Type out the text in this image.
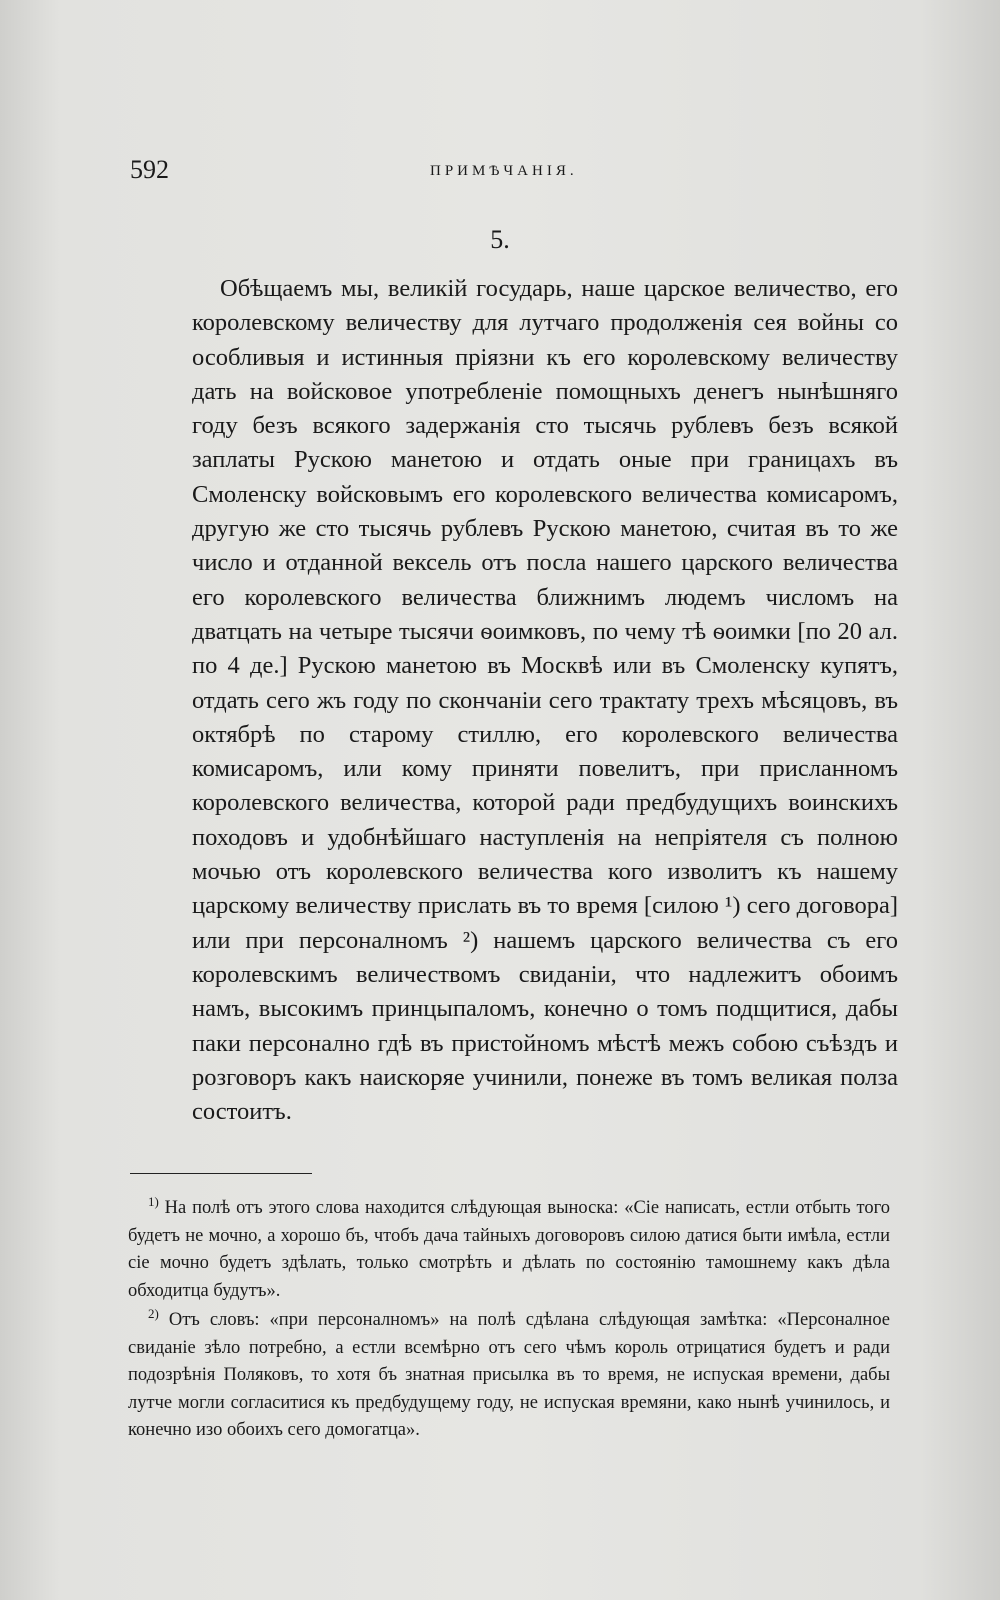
592	ПРИМѢЧАНІЯ.
5.

Обѣщаемъ мы, великій государь, наше царское величество, его королевскому величеству для лутчаго продолженія сея войны со особливыя и истинныя пріязни къ его королевскому величеству дать на войсковое употребленіе помощныхъ денегъ нынѣшняго году безъ всякого задержанія сто тысячь рублевъ безъ всякой заплаты Рускою манетою и отдать оные при границахъ въ Смоленску войсковымъ его королевского величества комисаромъ, другую же сто тысячь рублевъ Рускою манетою, считая въ то же число и отданной вексель отъ посла нашего царского величества его королевского величества ближнимъ людемъ числомъ на дватцать на четыре тысячи ѳоимковъ, по чему тѣ ѳоимки [по 20 ал. по 4 де.] Рускою манетою въ Москвѣ или въ Смоленску купятъ, отдать сего жъ году по скончаніи сего трактату трехъ мѣсяцовъ, въ октябрѣ по старому стиллю, его королевского величества комисаромъ, или кому приняти повелитъ, при присланномъ королевского величества, которой ради предбудущихъ воинскихъ походовъ и удобнѣйшаго наступленія на непріятеля съ полною мочью отъ королевского величества кого изволитъ къ нашему царскому величеству прислать въ то время [силою ¹) сего договора] или при персоналномъ ²) нашемъ царского величества съ его королевскимъ величествомъ свиданіи, что надлежитъ обоимъ намъ, высокимъ принцыпаломъ, конечно о томъ подщитися, дабы паки персонално гдѣ въ пристойномъ мѣстѣ межъ собою съѣздъ и розговоръ какъ наискоряе учинили, понеже въ томъ великая полза состоитъ.

$^{1)}$ На полѣ отъ этого слова находится слѣдующая выноска: «Сіе написать, естли отбыть того будетъ не мочно, а хорошо бъ, чтобъ дача тайныхъ договоровъ силою датися быти имѣла, естли сіе мочно будетъ здѣлать, только смотрѣть и дѣлать по состоянію тамошнему какъ дѣла обходитца будутъ».

$^{2)}$ Отъ словъ: «при персоналномъ» на полѣ сдѣлана слѣдующая замѣтка: «Персоналное свиданіе зѣло потребно, а естли всемѣрно отъ сего чѣмъ король отрицатися будетъ и ради подозрѣнія Поляковъ, то хотя бъ знатная присылка въ то время, не испуская времени, дабы лутче могли согласитися къ предбудущему году, не испуская времяни, како нынѣ учинилось, и конечно изо обоихъ сего домогатца».
